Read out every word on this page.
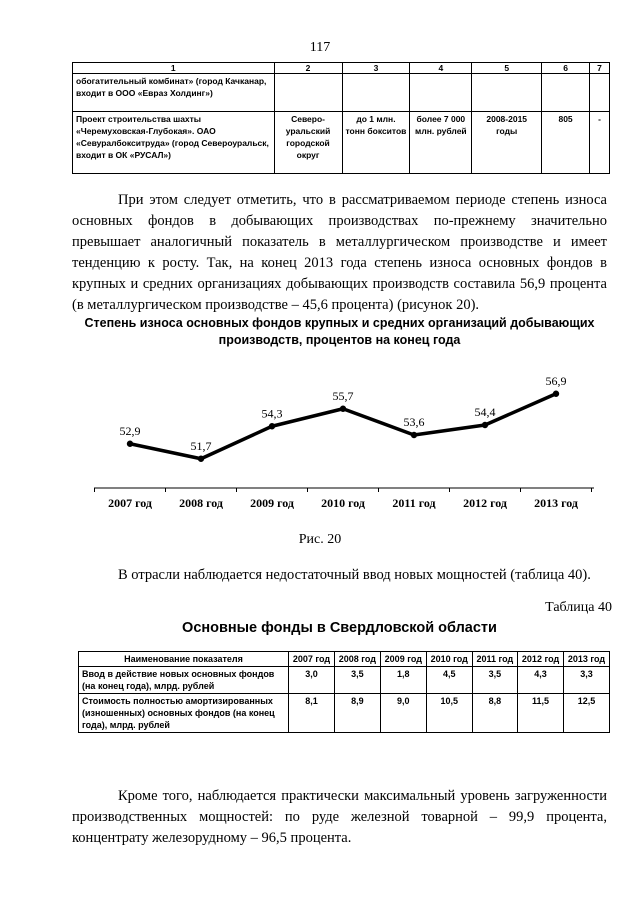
117
1	2	3	4	5	6	7
обогатительный комбинат» (город Качканар, входит в ООО «Евраз Холдинг»)						
Проект строительства шахты «Черемуховская-Глубокая». ОАО «Севуралбокситруда» (город Североуральск, входит в ОК «РУСАЛ»)	Северо-уральский городской округ	до 1 млн. тонн бокситов	более 7 000 млн. рублей	2008-2015 годы	805	-
При этом следует отметить, что в рассматриваемом периоде степень износа основных фондов в добывающих производствах по-прежнему значительно превышает аналогичный показатель в металлургическом производстве и имеет тенденцию к росту. Так, на конец 2013 года степень износа основных фондов в крупных и средних организациях добывающих производств составила 56,9 процента (в металлургическом производстве – 45,6 процента) (рисунок 20).
Степень износа основных фондов крупных и средних организаций добывающих производств, процентов на конец года
52,9
2007 год
51,7
2008 год
54,3
2009 год
55,7
2010 год
53,6
2011 год
54,4
2012 год
56,9
2013 год
Рис. 20
В отрасли наблюдается недостаточный ввод новых мощностей (таблица 40).
Таблица 40
Основные фонды в Свердловской области
Наименование показателя	2007 год	2008 год	2009 год	2010 год	2011 год	2012 год	2013 год
Ввод в действие новых основных фондов (на конец года), млрд. рублей	3,0	3,5	1,8	4,5	3,5	4,3	3,3
Стоимость полностью амортизированных (изношенных) основных фондов (на конец года), млрд. рублей	8,1	8,9	9,0	10,5	8,8	11,5	12,5
Кроме того, наблюдается практически максимальный уровень загруженности производственных мощностей: по руде железной товарной – 99,9 процента, концентрату железорудному – 96,5 процента.
